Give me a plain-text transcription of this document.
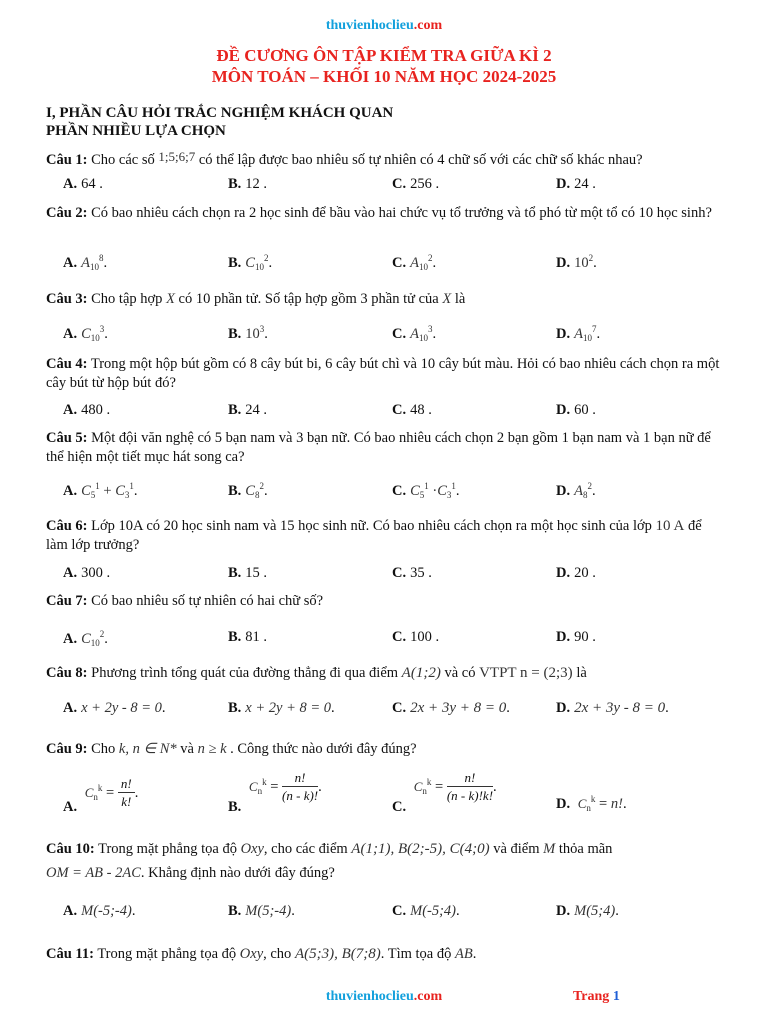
thuvienhoclieu.com
ĐỀ CƯƠNG ÔN TẬP KIỂM TRA GIỮA KÌ 2
MÔN TOÁN – KHỐI 10 NĂM HỌC 2024-2025
I, PHẦN CÂU HỎI TRẮC NGHIỆM KHÁCH QUAN
PHẦN NHIỀU LỰA CHỌN
Câu 1: Cho các số 1;5;6;7 có thể lập được bao nhiêu số tự nhiên có 4 chữ số với các chữ số khác nhau?
A. 64 .	B. 12 .	C. 256 .	D. 24 .
Câu 2: Có bao nhiêu cách chọn ra 2 học sinh để bầu vào hai chức vụ tổ trưởng và tổ phó từ một tổ có 10 học sinh?
A. $A_{10}^8$.	B. $C_{10}^2$.	C. $A_{10}^2$.	D. $10^2$.
Câu 3: Cho tập hợp X có 10 phần tử. Số tập hợp gồm 3 phần tử của X là
A. $C_{10}^3$.	B. $10^3$.	C. $A_{10}^3$.	D. $A_{10}^7$.
Câu 4: Trong một hộp bút gồm có 8 cây bút bi, 6 cây bút chì và 10 cây bút màu. Hỏi có bao nhiêu cách chọn ra một cây bút từ hộp bút đó?
A. 480 .	B. 24 .	C. 48 .	D. 60 .
Câu 5: Một đội văn nghệ có 5 bạn nam và 3 bạn nữ. Có bao nhiêu cách chọn 2 bạn gồm 1 bạn nam và 1 bạn nữ để thể hiện một tiết mục hát song ca?
A. $C_5^1 + C_3^1$.	B. $C_8^2$.	C. $C_5^1 \cdot C_3^1$.	D. $A_8^2$.
Câu 6: Lớp 10A có 20 học sinh nam và 15 học sinh nữ. Có bao nhiêu cách chọn ra một học sinh của lớp 10 A để làm lớp trưởng?
A. 300 .	B. 15 .	C. 35 .	D. 20 .
Câu 7: Có bao nhiêu số tự nhiên có hai chữ số?
A. $C_{10}^2$.	B. 81 .	C. 100 .	D. 90 .
Câu 8: Phương trình tổng quát của đường thẳng đi qua điểm A(1;2) và có VTPT n = (2;3) là
A. x + 2y - 8 = 0.	B. x + 2y + 8 = 0.	C. 2x + 3y + 8 = 0.	D. 2x + 3y - 8 = 0.
Câu 9: Cho k, n ∈ N* và n ≥ k . Công thức nào dưới đây đúng?
A. $C_n^k = \frac{n!}{k!}$ .
B. $C_n^k = \frac{n!}{(n - k)!}$ .
C. $C_n^k = \frac{n!}{(n - k)!k!}$ .
D. $C_n^k = n$!.
Câu 10: Trong mặt phẳng tọa độ Oxy, cho các điểm A(1;1), B(2;-5), C(4;0) và điểm M thỏa mãn
OM = AB - 2AC. Khẳng định nào dưới đây đúng?
A. M(-5;-4).	B. M(5;-4).	C. M(-5;4).	D. M(5;4).
Câu 11: Trong mặt phẳng tọa độ Oxy, cho A(5;3), B(7;8). Tìm tọa độ AB.
thuvienhoclieu.com	Trang 1
